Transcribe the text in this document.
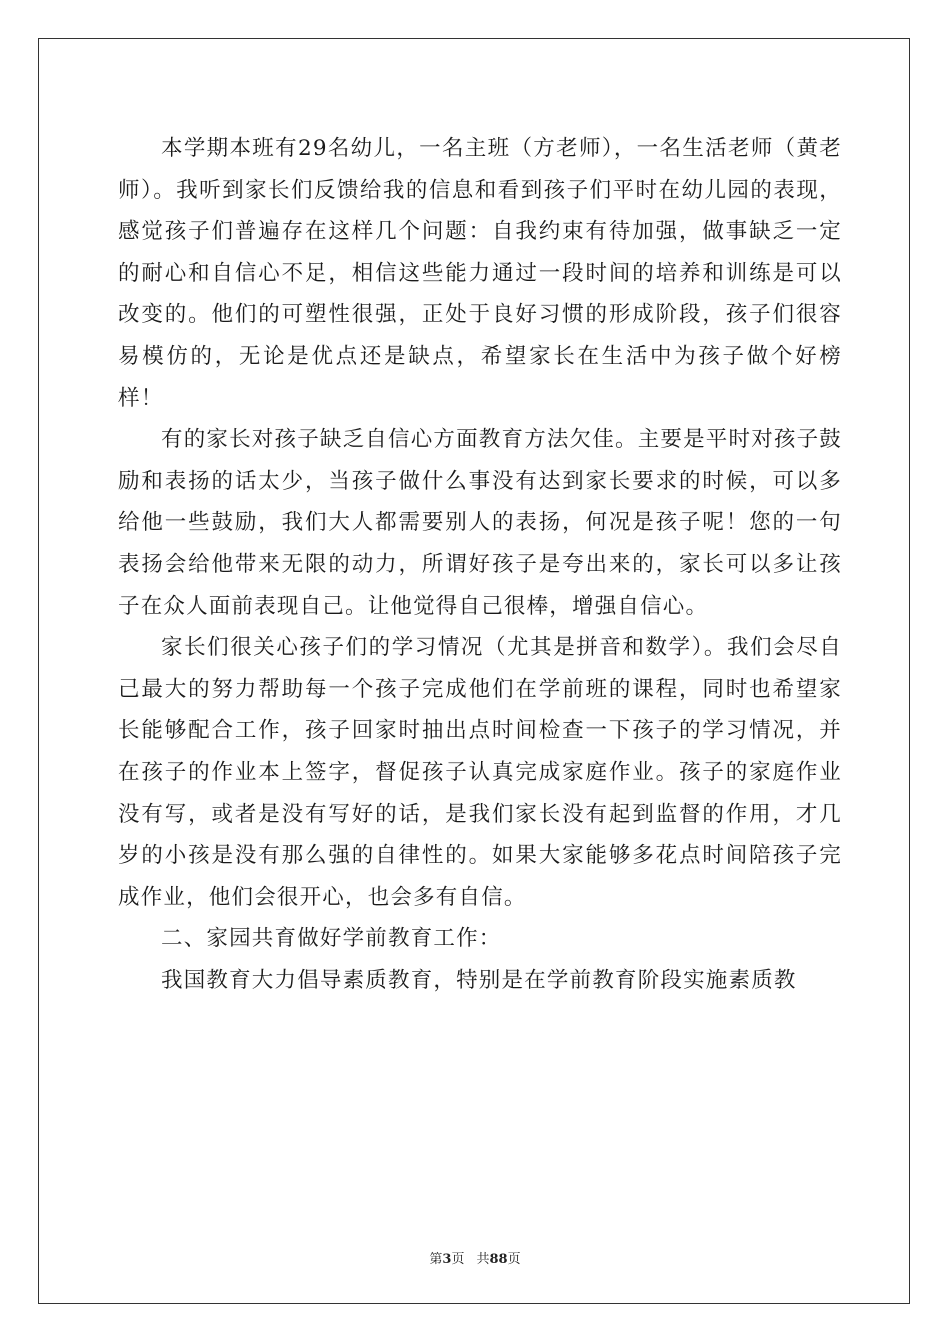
本学期本班有29名幼儿，一名主班（方老师），一名生活老师（黄老师）。我听到家长们反馈给我的信息和看到孩子们平时在幼儿园的表现，感觉孩子们普遍存在这样几个问题：自我约束有待加强，做事缺乏一定的耐心和自信心不足，相信这些能力通过一段时间的培养和训练是可以改变的。他们的可塑性很强，正处于良好习惯的形成阶段，孩子们很容易模仿的，无论是优点还是缺点，希望家长在生活中为孩子做个好榜样！

有的家长对孩子缺乏自信心方面教育方法欠佳。主要是平时对孩子鼓励和表扬的话太少，当孩子做什么事没有达到家长要求的时候，可以多给他一些鼓励，我们大人都需要别人的表扬，何况是孩子呢！您的一句表扬会给他带来无限的动力，所谓好孩子是夸出来的，家长可以多让孩子在众人面前表现自己。让他觉得自己很棒，增强自信心。

家长们很关心孩子们的学习情况（尤其是拼音和数学）。我们会尽自己最大的努力帮助每一个孩子完成他们在学前班的课程，同时也希望家长能够配合工作，孩子回家时抽出点时间检查一下孩子的学习情况，并在孩子的作业本上签字，督促孩子认真完成家庭作业。孩子的家庭作业没有写，或者是没有写好的话，是我们家长没有起到监督的作用，才几岁的小孩是没有那么强的自律性的。如果大家能够多花点时间陪孩子完成作业，他们会很开心，也会多有自信。

二、家园共育做好学前教育工作：

我国教育大力倡导素质教育，特别是在学前教育阶段实施素质教

第3页 共88页
